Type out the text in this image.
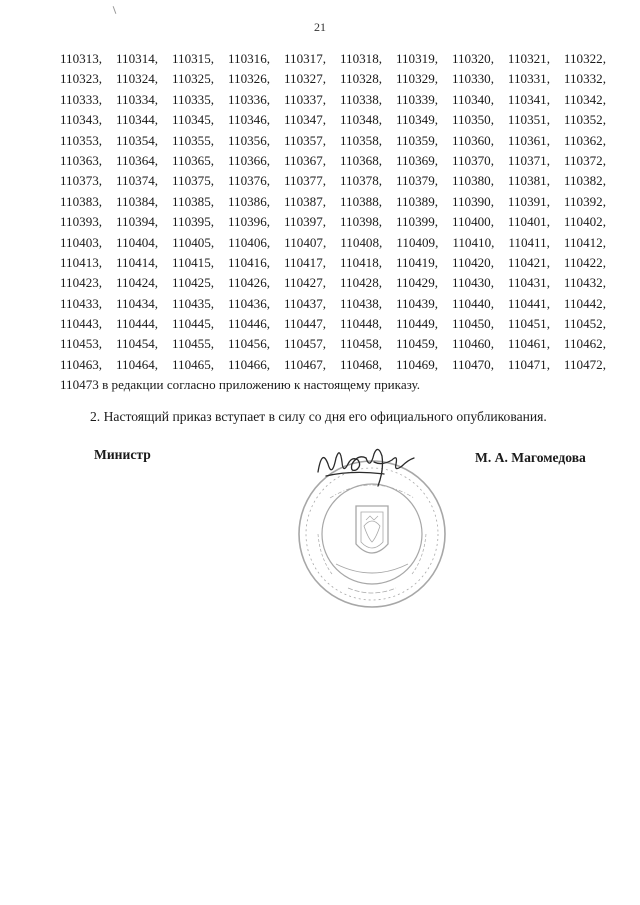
21
110313, 110314, 110315, 110316, 110317, 110318, 110319, 110320, 110321, 110322,
110323, 110324, 110325, 110326, 110327, 110328, 110329, 110330, 110331, 110332,
110333, 110334, 110335, 110336, 110337, 110338, 110339, 110340, 110341, 110342,
110343, 110344, 110345, 110346, 110347, 110348, 110349, 110350, 110351, 110352,
110353, 110354, 110355, 110356, 110357, 110358, 110359, 110360, 110361, 110362,
110363, 110364, 110365, 110366, 110367, 110368, 110369, 110370, 110371, 110372,
110373, 110374, 110375, 110376, 110377, 110378, 110379, 110380, 110381, 110382,
110383, 110384, 110385, 110386, 110387, 110388, 110389, 110390, 110391, 110392,
110393, 110394, 110395, 110396, 110397, 110398, 110399, 110400, 110401, 110402,
110403, 110404, 110405, 110406, 110407, 110408, 110409, 110410, 110411, 110412,
110413, 110414, 110415, 110416, 110417, 110418, 110419, 110420, 110421, 110422,
110423, 110424, 110425, 110426, 110427, 110428, 110429, 110430, 110431, 110432,
110433, 110434, 110435, 110436, 110437, 110438, 110439, 110440, 110441, 110442,
110443, 110444, 110445, 110446, 110447, 110448, 110449, 110450, 110451, 110452,
110453, 110454, 110455, 110456, 110457, 110458, 110459, 110460, 110461, 110462,
110463, 110464, 110465, 110466, 110467, 110468, 110469, 110470, 110471, 110472,
110473 в редакции согласно приложению к настоящему приказу.
2. Настоящий приказ вступает в силу со дня его официального опубликования.
Министр	М. А. Магомедова
